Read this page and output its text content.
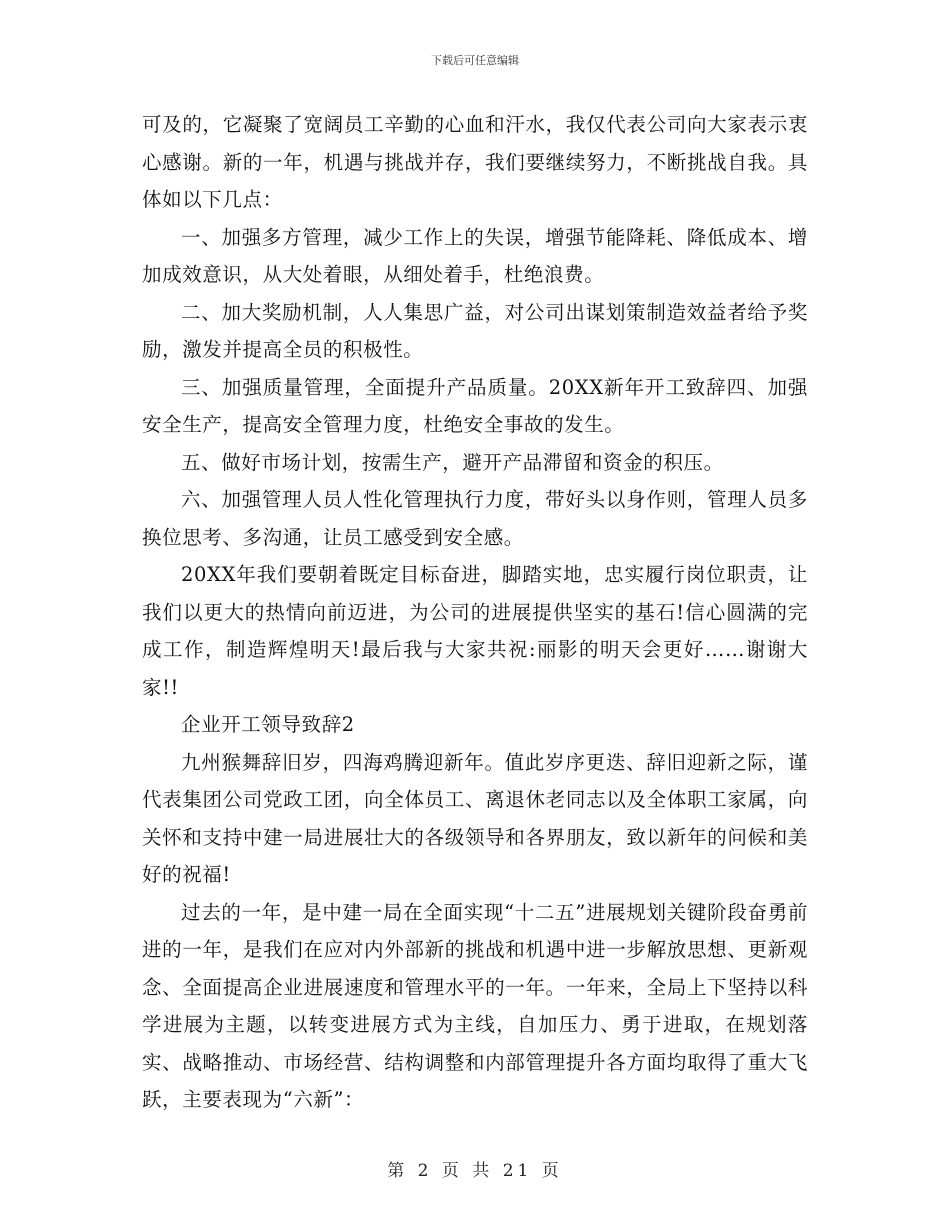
下载后可任意编辑

可及的，它凝聚了宽阔员工辛勤的心血和汗水，我仅代表公司向大家表示衷心感谢。新的一年，机遇与挑战并存，我们要继续努力，不断挑战自我。具体如以下几点：

一、加强多方管理，减少工作上的失误，增强节能降耗、降低成本、增加成效意识，从大处着眼，从细处着手，杜绝浪费。

二、加大奖励机制，人人集思广益，对公司出谋划策制造效益者给予奖励，激发并提高全员的积极性。

三、加强质量管理，全面提升产品质量。20XX新年开工致辞四、加强安全生产，提高安全管理力度，杜绝安全事故的发生。

五、做好市场计划，按需生产，避开产品滞留和资金的积压。

六、加强管理人员人性化管理执行力度，带好头以身作则，管理人员多换位思考、多沟通，让员工感受到安全感。

20XX年我们要朝着既定目标奋进，脚踏实地，忠实履行岗位职责，让我们以更大的热情向前迈进，为公司的进展提供坚实的基石!信心圆满的完成工作，制造辉煌明天!最后我与大家共祝:丽影的明天会更好……谢谢大家!!

企业开工领导致辞2

九州猴舞辞旧岁，四海鸡腾迎新年。值此岁序更迭、辞旧迎新之际，谨代表集团公司党政工团，向全体员工、离退休老同志以及全体职工家属，向关怀和支持中建一局进展壮大的各级领导和各界朋友，致以新年的问候和美好的祝福!

过去的一年，是中建一局在全面实现“十二五”进展规划关键阶段奋勇前进的一年，是我们在应对内外部新的挑战和机遇中进一步解放思想、更新观念、全面提高企业进展速度和管理水平的一年。一年来，全局上下坚持以科学进展为主题，以转变进展方式为主线，自加压力、勇于进取，在规划落实、战略推动、市场经营、结构调整和内部管理提升各方面均取得了重大飞跃，主要表现为“六新”：

第 2 页 共 21 页
